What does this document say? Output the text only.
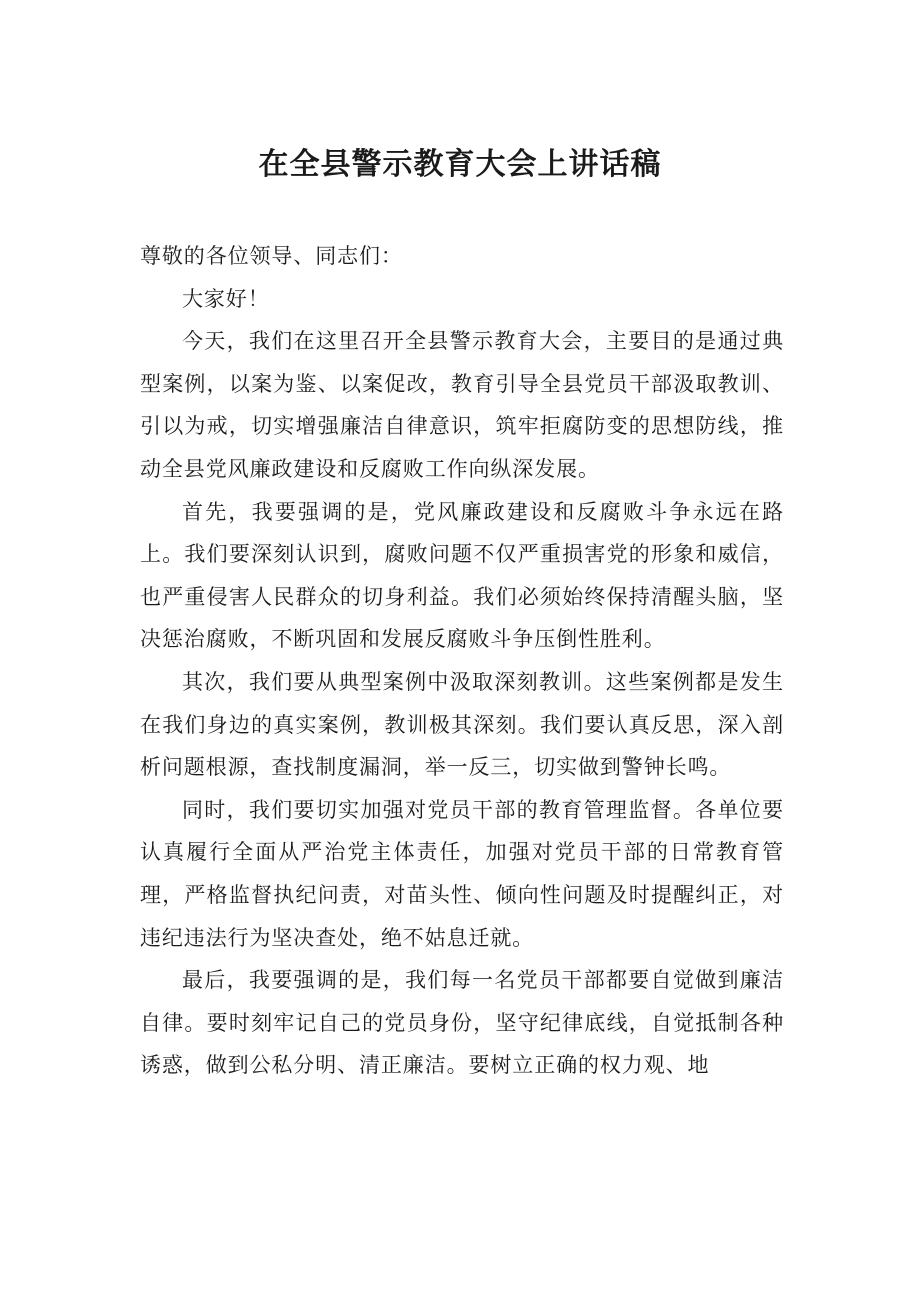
在全县警示教育大会上讲话稿

尊敬的各位领导、同志们：

大家好！

今天，我们在这里召开全县警示教育大会，主要目的是通过典型案例，以案为鉴、以案促改，教育引导全县党员干部汲取教训、引以为戒，切实增强廉洁自律意识，筑牢拒腐防变的思想防线，推动全县党风廉政建设和反腐败工作向纵深发展。

首先，我要强调的是，党风廉政建设和反腐败斗争永远在路上。我们要深刻认识到，腐败问题不仅严重损害党的形象和威信，也严重侵害人民群众的切身利益。我们必须始终保持清醒头脑，坚决惩治腐败，不断巩固和发展反腐败斗争压倒性胜利。

其次，我们要从典型案例中汲取深刻教训。这些案例都是发生在我们身边的真实案例，教训极其深刻。我们要认真反思，深入剖析问题根源，查找制度漏洞，举一反三，切实做到警钟长鸣。

同时，我们要切实加强对党员干部的教育管理监督。各单位要认真履行全面从严治党主体责任，加强对党员干部的日常教育管理，严格监督执纪问责，对苗头性、倾向性问题及时提醒纠正，对违纪违法行为坚决查处，绝不姑息迁就。

最后，我要强调的是，我们每一名党员干部都要自觉做到廉洁自律。要时刻牢记自己的党员身份，坚守纪律底线，自觉抵制各种诱惑，做到公私分明、清正廉洁。要树立正确的权力观、地
